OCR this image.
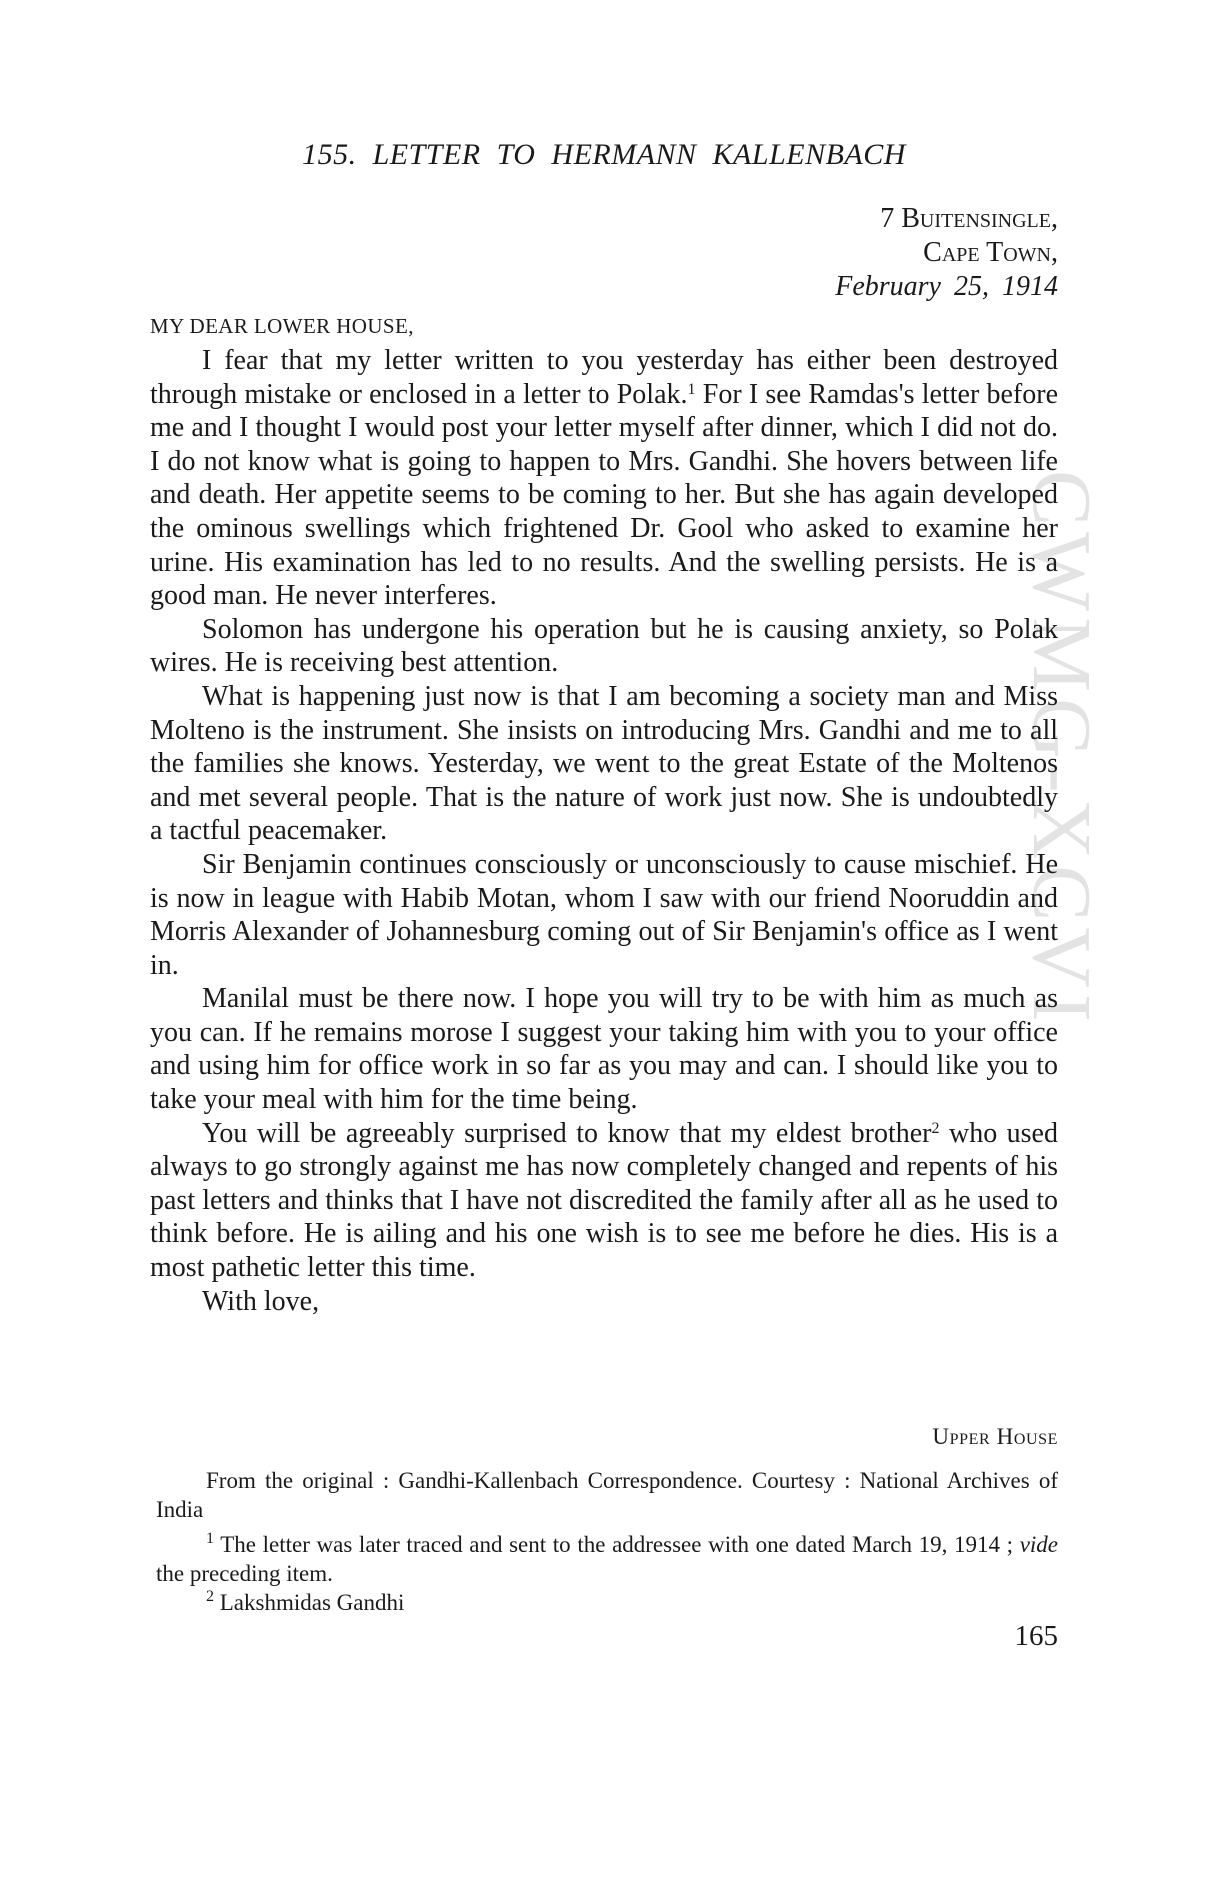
CWMG-XCVI
155. LETTER TO HERMANN KALLENBACH
7 Buitensingle,
Cape Town,
February 25, 1914
MY DEAR LOWER HOUSE,

I fear that my letter written to you yesterday has either been destroyed through mistake or enclosed in a letter to Polak.$^1$ For I see Ramdas's letter before me and I thought I would post your letter myself after dinner, which I did not do. I do not know what is going to happen to Mrs. Gandhi. She hovers between life and death. Her appetite seems to be coming to her. But she has again developed the ominous swellings which frightened Dr. Gool who asked to examine her urine. His examination has led to no results. And the swelling persists. He is a good man. He never interferes.

Solomon has undergone his operation but he is causing anxiety, so Polak wires. He is receiving best attention.

What is happening just now is that I am becoming a society man and Miss Molteno is the instrument. She insists on introducing Mrs. Gandhi and me to all the families she knows. Yesterday, we went to the great Estate of the Moltenos and met several people. That is the nature of work just now. She is undoubtedly a tactful peacemaker.

Sir Benjamin continues consciously or unconsciously to cause mischief. He is now in league with Habib Motan, whom I saw with our friend Nooruddin and Morris Alexander of Johannesburg coming out of Sir Benjamin's office as I went in.

Manilal must be there now. I hope you will try to be with him as much as you can. If he remains morose I suggest your taking him with you to your office and using him for office work in so far as you may and can. I should like you to take your meal with him for the time being.

You will be agreeably surprised to know that my eldest brother$^2$ who used always to go strongly against me has now completely changed and repents of his past letters and thinks that I have not discredited the family after all as he used to think before. He is ailing and his one wish is to see me before he dies. His is a most pathetic letter this time.

With love,

Upper House
From the original : Gandhi-Kallenbach Correspondence. Courtesy : National Archives of India

$^1$ The letter was later traced and sent to the addressee with one dated March 19, 1914 ; vide the preceding item.

$^2$ Lakshmidas Gandhi

165
